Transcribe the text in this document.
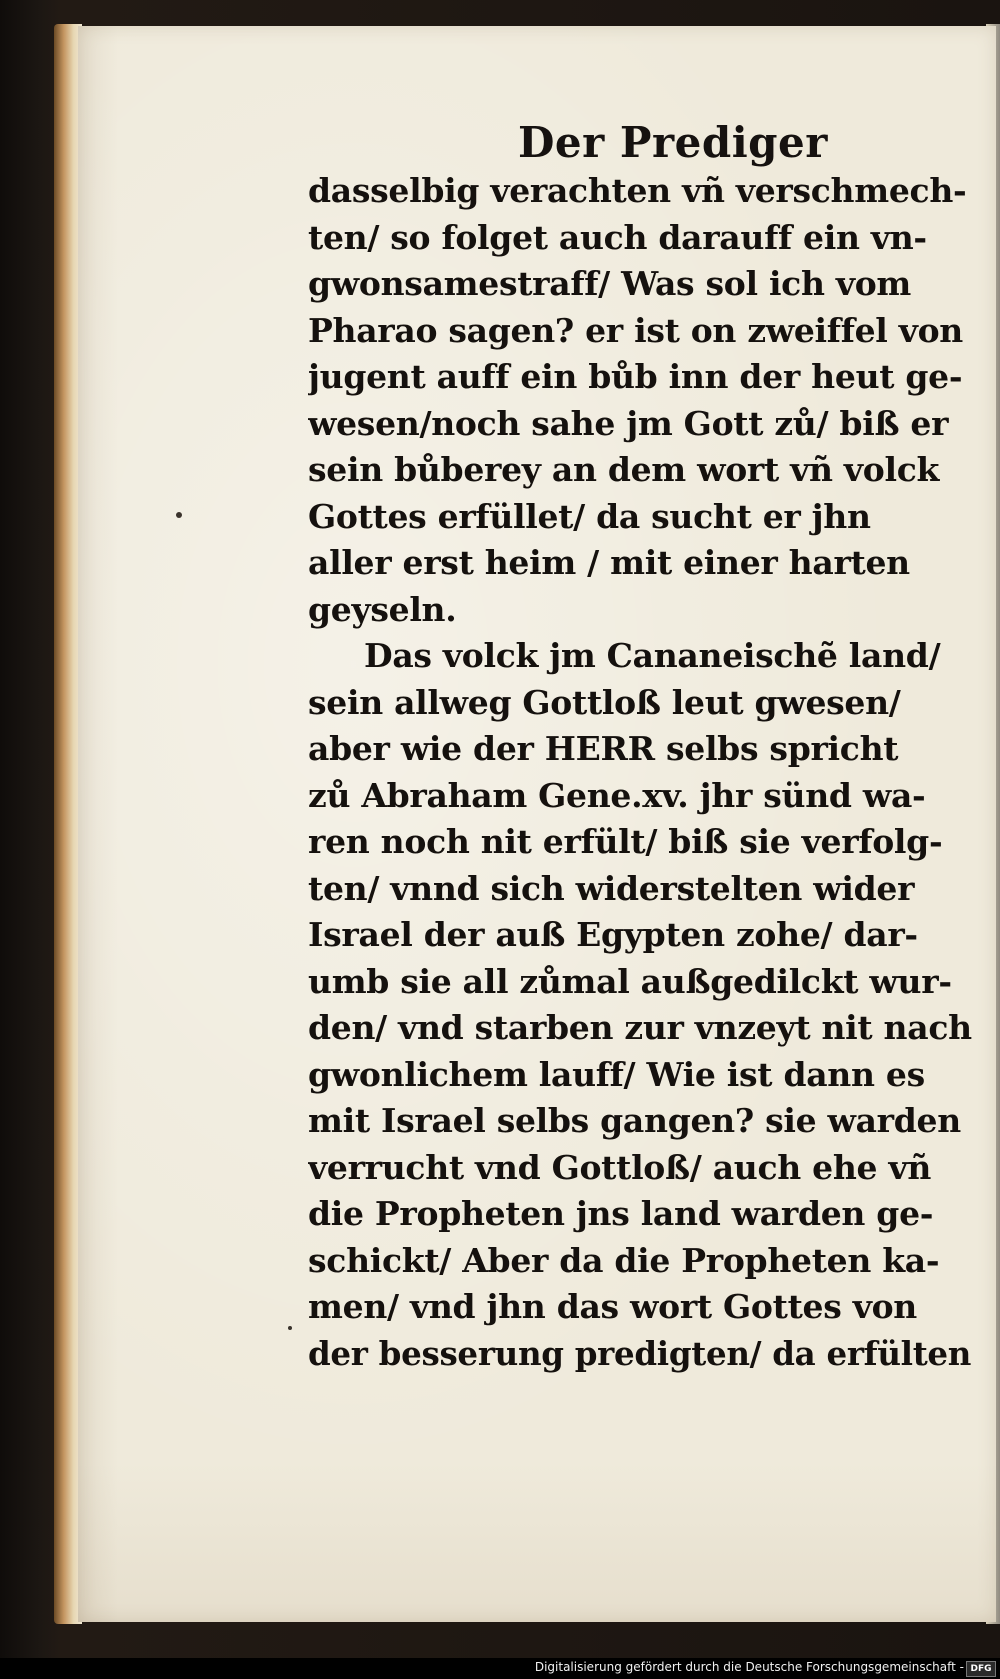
Der Prediger
dasselbig verachten vñ verschmech-
ten/ so folget auch darauff ein vn-
gwonsamestraff/ Was sol ich vom
Pharao sagen? er ist on zweiffel von
jugent auff ein bůb inn der heut ge-
wesen/noch sahe jm Gott zů/ biß er
sein bůberey an dem wort vñ volck
Gottes erfüllet/ da sucht er jhn
aller erst heim / mit einer harten
geyseln.
Das volck jm Cananeischẽ land/
sein allweg Gottloß leut gwesen/
aber wie der HERR selbs spricht
zů Abraham Gene.xv. jhr sünd wa-
ren noch nit erfült/ biß sie verfolg-
ten/ vnnd sich widerstelten wider
Israel der auß Egypten zohe/ dar-
umb sie all zůmal außgedilckt wur-
den/ vnd starben zur vnzeyt nit nach
gwonlichem lauff/ Wie ist dann es
mit Israel selbs gangen? sie warden
verrucht vnd Gottloß/ auch ehe vñ
die Propheten jns land warden ge-
schickt/ Aber da die Propheten ka-
men/ vnd jhn das wort Gottes von
der besserung predigten/ da erfülten
Digitalisierung gefördert durch die Deutsche Forschungsgemeinschaft - DFG
